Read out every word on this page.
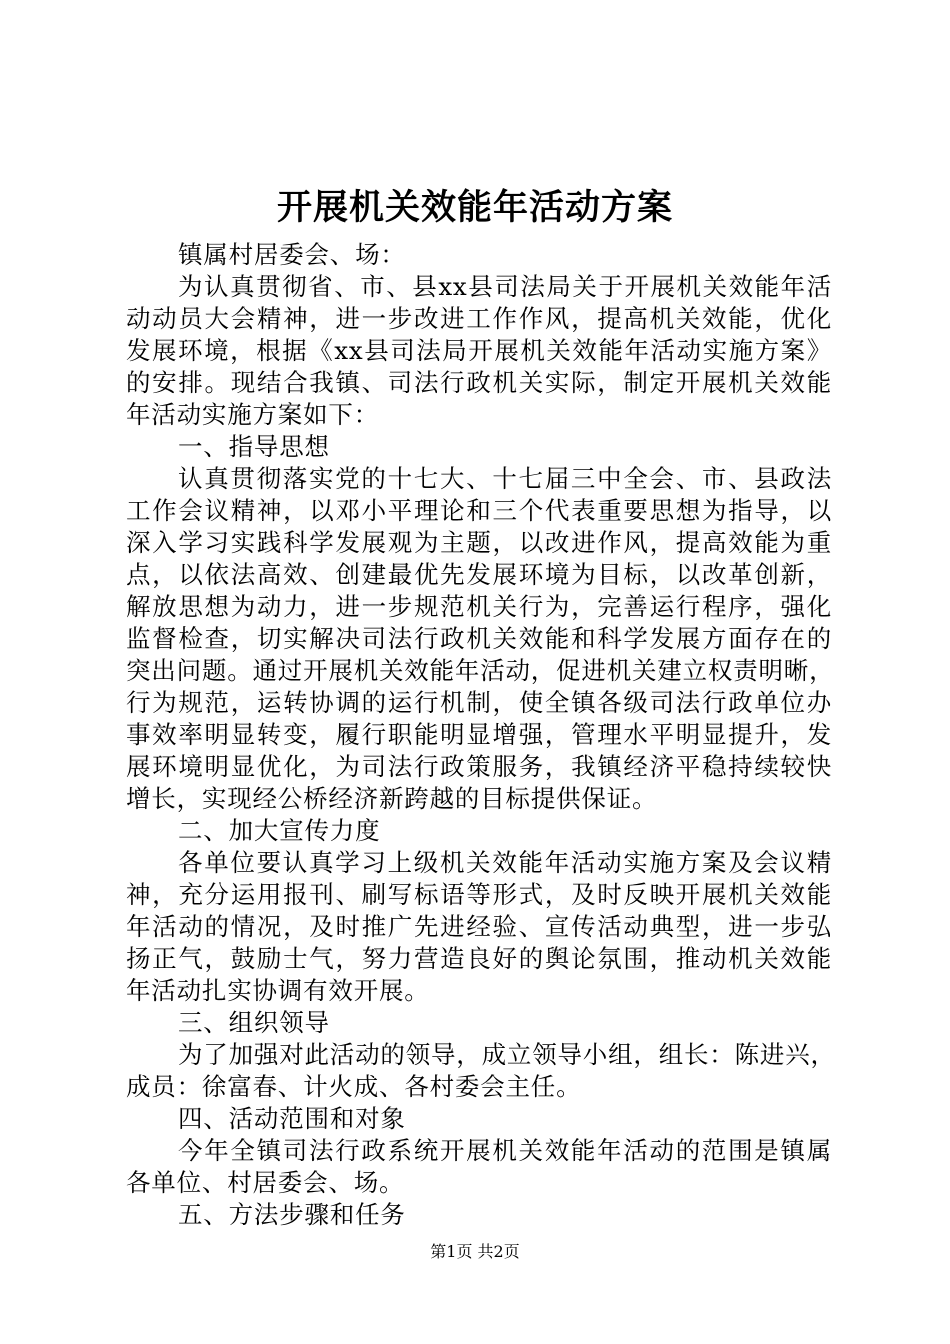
开展机关效能年活动方案
镇属村居委会、场：
为认真贯彻省、市、县xx县司法局关于开展机关效能年活
动动员大会精神，进一步改进工作作风，提高机关效能，优化
发展环境，根据《xx县司法局开展机关效能年活动实施方案》
的安排。现结合我镇、司法行政机关实际，制定开展机关效能
年活动实施方案如下：
一、指导思想
认真贯彻落实党的十七大、十七届三中全会、市、县政法
工作会议精神，以邓小平理论和三个代表重要思想为指导，以
深入学习实践科学发展观为主题，以改进作风，提高效能为重
点，以依法高效、创建最优先发展环境为目标，以改革创新，
解放思想为动力，进一步规范机关行为，完善运行程序，强化
监督检查，切实解决司法行政机关效能和科学发展方面存在的
突出问题。通过开展机关效能年活动，促进机关建立权责明晰，
行为规范，运转协调的运行机制，使全镇各级司法行政单位办
事效率明显转变，履行职能明显增强，管理水平明显提升，发
展环境明显优化，为司法行政策服务，我镇经济平稳持续较快
增长，实现经公桥经济新跨越的目标提供保证。
二、加大宣传力度
各单位要认真学习上级机关效能年活动实施方案及会议精
神，充分运用报刊、刷写标语等形式，及时反映开展机关效能
年活动的情况，及时推广先进经验、宣传活动典型，进一步弘
扬正气，鼓励士气，努力营造良好的舆论氛围，推动机关效能
年活动扎实协调有效开展。
三、组织领导
为了加强对此活动的领导，成立领导小组，组长：陈进兴，
成员：徐富春、计火成、各村委会主任。
四、活动范围和对象
今年全镇司法行政系统开展机关效能年活动的范围是镇属
各单位、村居委会、场。
五、方法步骤和任务
第1页 共2页
